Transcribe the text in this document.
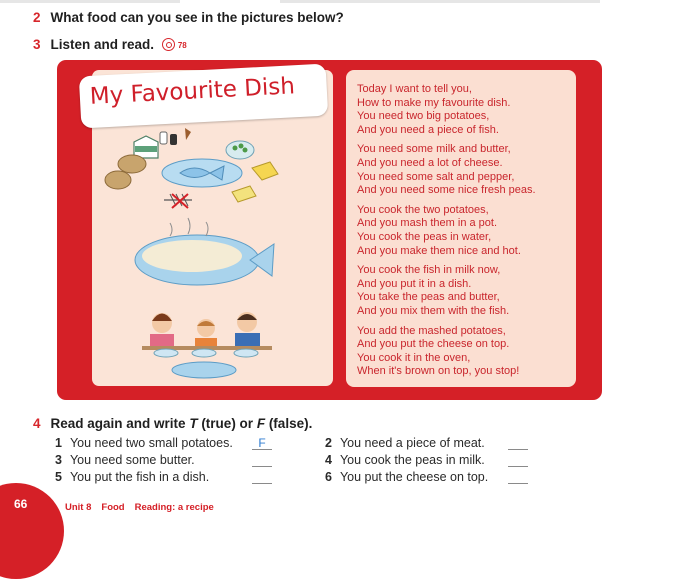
2 What food can you see in the pictures below?
3 Listen and read.	78
My Favourite Dish	Today I want to tell you,
How to make my favourite dish.
You need two big potatoes,
And you need a piece of fish.
You need some milk and butter,
And you need a lot of cheese.
You need some salt and pepper,
And you need some nice fresh peas.
You cook the two potatoes,
And you mash them in a pot.
You cook the peas in water,
And you make them nice and hot.
You cook the fish in milk now,
And you put it in a dish.
You take the peas and butter,
And you mix them with the fish.
You add the mashed potatoes,
And you put the cheese on top.
You cook it in the oven,
When it's brown on top, you stop!
4 Read again and write T (true) or F (false).
1 You need two small potatoes.	F	2 You need a piece of meat.
3 You need some butter.	4 You cook the peas in milk.
5 You put the fish in a dish.	6 You put the cheese on top.
66	Unit 8 Food Reading: a recipe
